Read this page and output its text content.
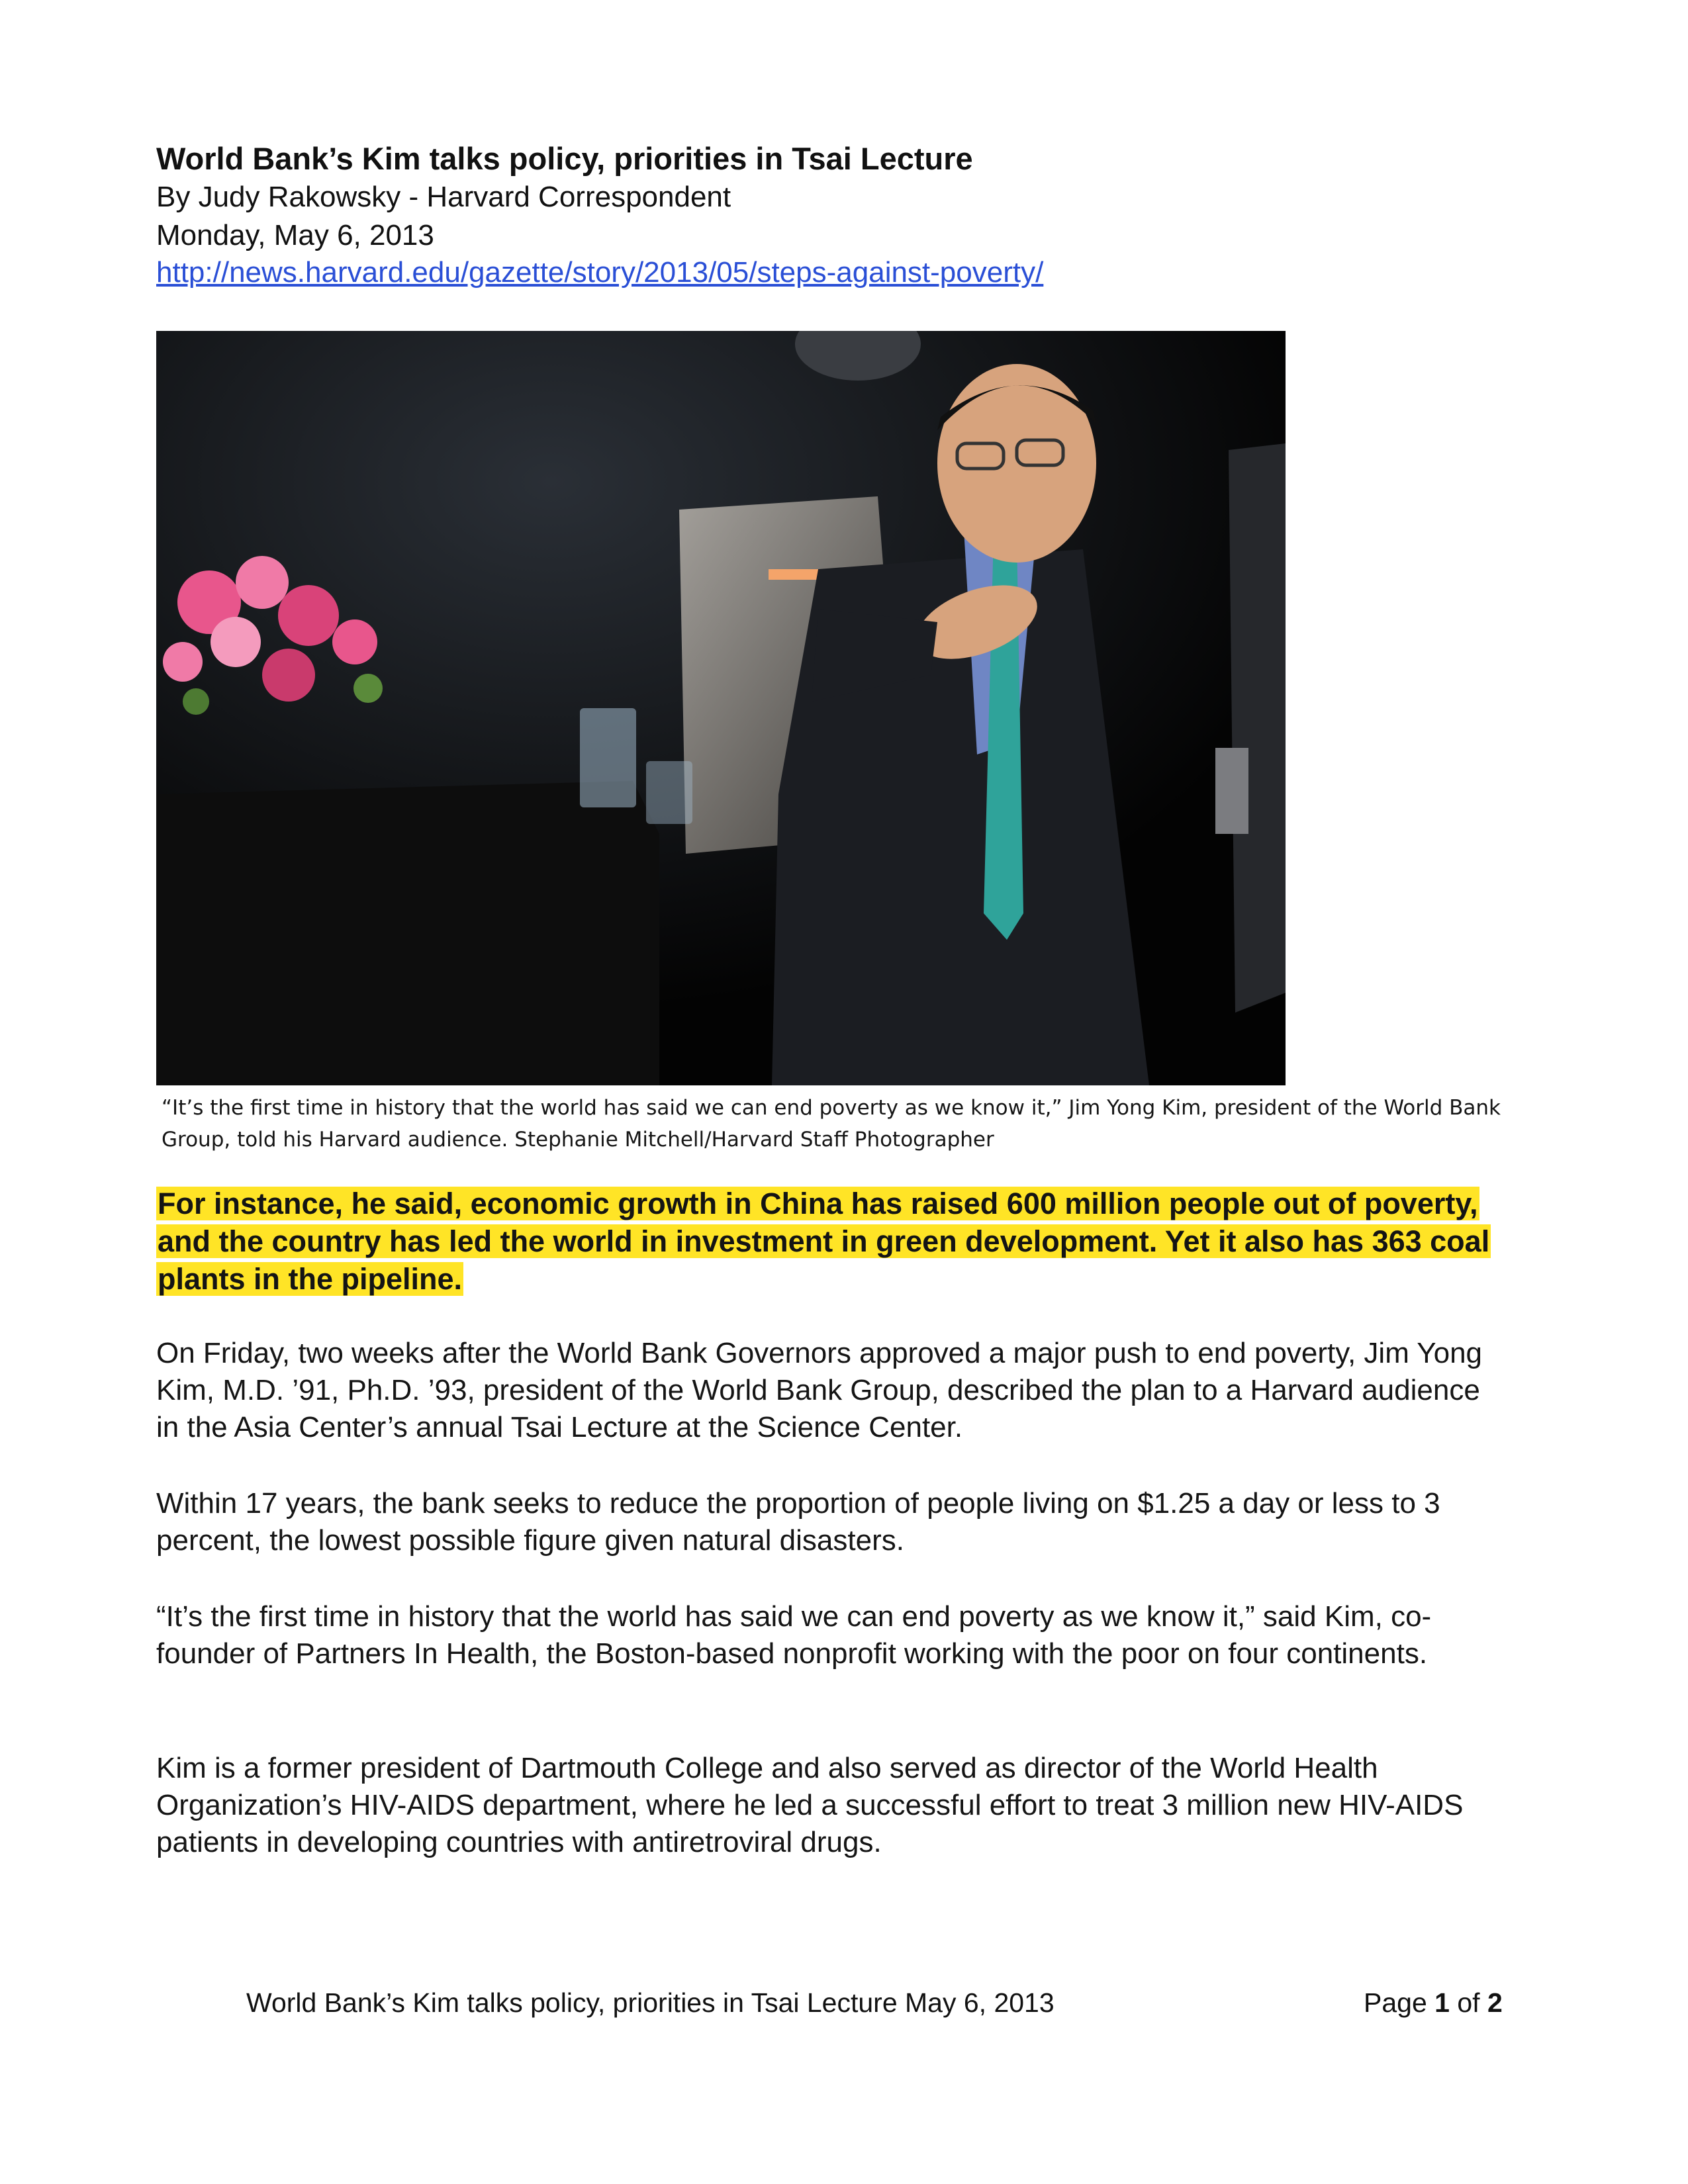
World Bank’s Kim talks policy, priorities in Tsai Lecture
By Judy Rakowsky - Harvard Correspondent
Monday, May 6, 2013
http://news.harvard.edu/gazette/story/2013/05/steps-against-poverty/
“It’s the first time in history that the world has said we can end poverty as we know it,” Jim Yong Kim, president of the World Bank Group, told his Harvard audience. Stephanie Mitchell/Harvard Staff Photographer
For instance, he said, economic growth in China has raised 600 million people out of poverty, and the country has led the world in investment in green development. Yet it also has 363 coal plants in the pipeline.
On Friday, two weeks after the World Bank Governors approved a major push to end poverty, Jim Yong Kim, M.D. ’91, Ph.D. ’93, president of the World Bank Group, described the plan to a Harvard audience in the Asia Center’s annual Tsai Lecture at the Science Center.
Within 17 years, the bank seeks to reduce the proportion of people living on $1.25 a day or less to 3 percent, the lowest possible figure given natural disasters.
“It’s the first time in history that the world has said we can end poverty as we know it,” said Kim, co-founder of Partners In Health, the Boston-based nonprofit working with the poor on four continents.
Kim is a former president of Dartmouth College and also served as director of the World Health Organization’s HIV-AIDS department, where he led a successful effort to treat 3 million new HIV-AIDS patients in developing countries with antiretroviral drugs.
World Bank’s Kim talks policy, priorities in Tsai Lecture May 6, 2013	Page 1 of 2
